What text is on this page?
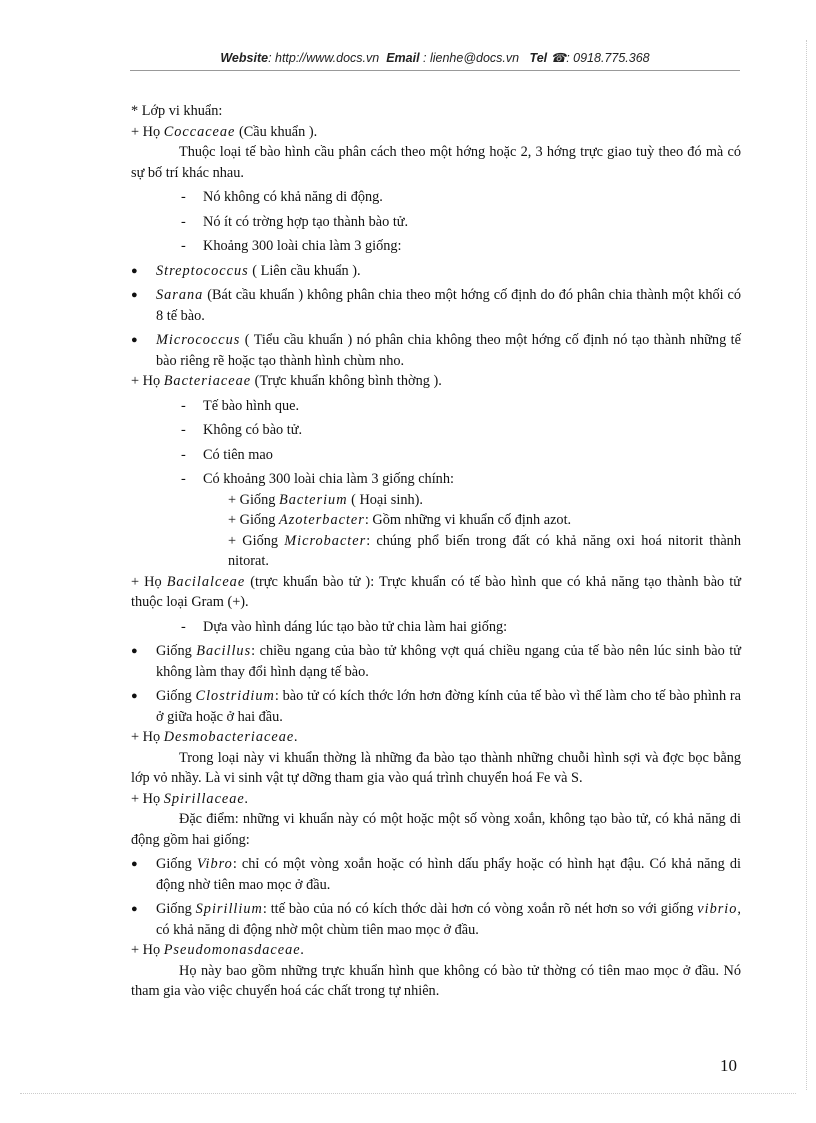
Website: http://www.docs.vn Email : lienhe@docs.vn Tel ☎: 0918.775.368
* Lớp vi khuẩn:
+ Họ Coccaceae (Cầu khuẩn ).
Thuộc loại tế bào hình cầu phân cách theo một hớng hoặc 2, 3 hớng trực giao tuỳ theo đó mà có sự bố trí khác nhau.
- Nó không có khả năng di động.
- Nó ít có trờng hợp tạo thành bào tử.
- Khoảng 300 loài chia làm 3 giống:
● Streptococcus ( Liên cầu khuẩn ).
● Sarana (Bát cầu khuẩn ) không phân chia theo một hớng cố định do đó phân chia thành một khối có 8 tế bào.
● Micrococcus ( Tiểu cầu khuẩn ) nó phân chia không theo một hớng cố định nó tạo thành những tế bào riêng rẽ hoặc tạo thành hình chùm nho.
+ Họ Bacteriaceae (Trực khuẩn không bình thờng ).
- Tế bào hình que.
- Không có bào tử.
- Có tiên mao
- Có khoảng 300 loài chia làm 3 giống chính:
+ Giống Bacterium ( Hoại sinh).
+ Giống Azoterbacter: Gồm những vi khuẩn cố định azot.
+ Giống Microbacter: chúng phổ biến trong đất có khả năng oxi hoá nitorit thành nitorat.
+ Họ Bacilalceae (trực khuẩn bào tử ): Trực khuẩn có tế bào hình que có khả năng tạo thành bào tử thuộc loại Gram (+).
- Dựa vào hình dáng lúc tạo bào tử chia làm hai giống:
● Giống Bacillus: chiều ngang của bào tử không vợt quá chiều ngang của tế bào nên lúc sinh bào tử không làm thay đổi hình dạng tế bào.
● Giống Clostridium: bào tử có kích thớc lớn hơn đờng kính của tế bào vì thế làm cho tế bào phình ra ở giữa hoặc ở hai đầu.
+ Họ Desmobacteriaceae.
Trong loại này vi khuẩn thờng là những đa bào tạo thành những chuỗi hình sợi và đợc bọc bằng lớp vỏ nhầy. Là vi sinh vật tự dỡng tham gia vào quá trình chuyển hoá Fe và S.
+ Họ Spirillaceae.
Đặc điểm: những vi khuẩn này có một hoặc một số vòng xoắn, không tạo bào tử, có khả năng di động gồm hai giống:
● Giống Vibro: chỉ có một vòng xoắn hoặc có hình dấu phẩy hoặc có hình hạt đậu. Có khả năng di động nhờ tiên mao mọc ở đầu.
● Giống Spirillium: ttế bào của nó có kích thớc dài hơn có vòng xoắn rõ nét hơn so với giống vibrio, có khả năng di động nhờ một chùm tiên mao mọc ở đầu.
+ Họ Pseudomonasdaceae.
Họ này bao gồm những trực khuẩn hình que không có bào tử thờng có tiên mao mọc ở đầu. Nó tham gia vào việc chuyển hoá các chất trong tự nhiên.
10
